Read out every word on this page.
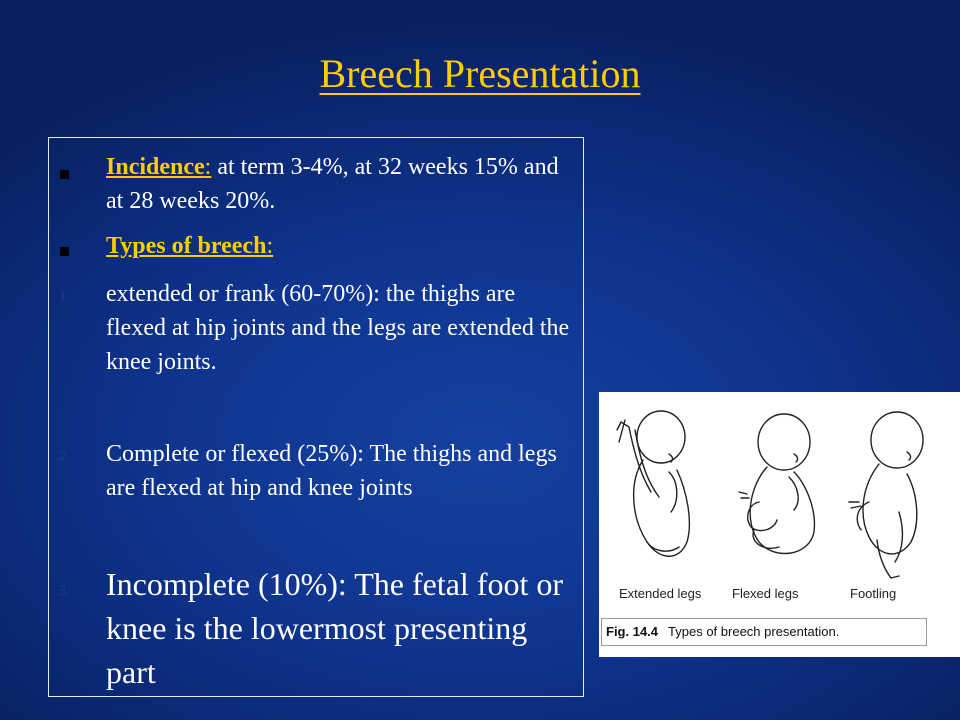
Breech Presentation
Incidence: at term 3-4%, at 32 weeks 15% and at 28 weeks 20%.
Types of breech:
1. extended or frank (60-70%): the thighs are flexed at hip joints and the legs are extended the knee joints.
2. Complete or flexed (25%): The thighs and legs are flexed at hip and knee joints
3. Incomplete (10%): The fetal foot or knee is the lowermost presenting part
Extended legs Flexed legs	Footling
Fig. 14.4 Types of breech presentation.
